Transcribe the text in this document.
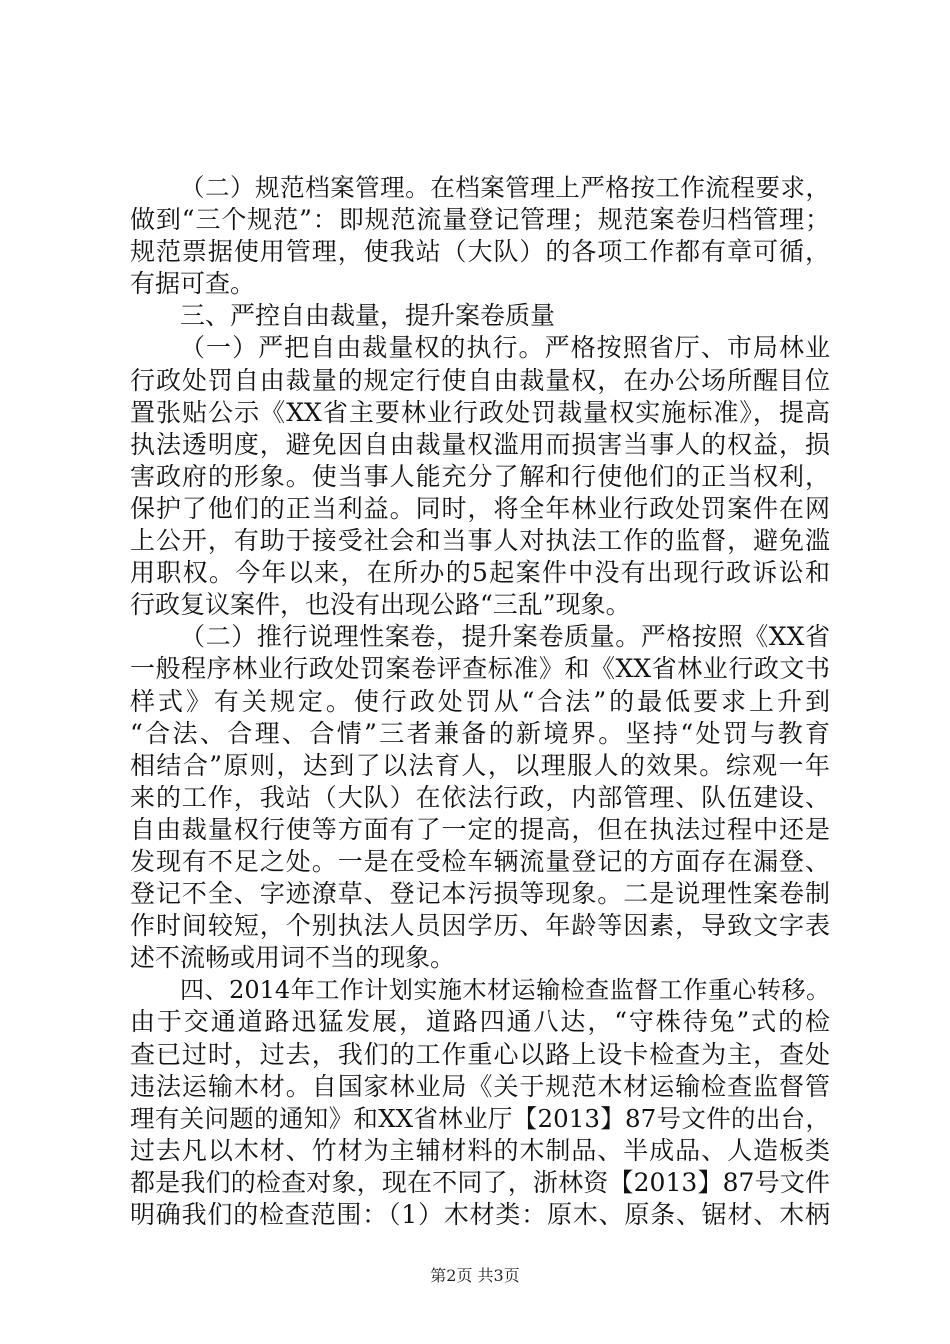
（二）规范档案管理。在档案管理上严格按工作流程要求，
做到“三个规范”：即规范流量登记管理；规范案卷归档管理；
规范票据使用管理，使我站（大队）的各项工作都有章可循，
有据可查。
三、严控自由裁量，提升案卷质量
（一）严把自由裁量权的执行。严格按照省厅、市局林业
行政处罚自由裁量的规定行使自由裁量权，在办公场所醒目位
置张贴公示《XX省主要林业行政处罚裁量权实施标准》，提高
执法透明度，避免因自由裁量权滥用而损害当事人的权益，损
害政府的形象。使当事人能充分了解和行使他们的正当权利，
保护了他们的正当利益。同时，将全年林业行政处罚案件在网
上公开，有助于接受社会和当事人对执法工作的监督，避免滥
用职权。今年以来，在所办的5起案件中没有出现行政诉讼和
行政复议案件，也没有出现公路“三乱”现象。
（二）推行说理性案卷，提升案卷质量。严格按照《XX省
一般程序林业行政处罚案卷评查标准》和《XX省林业行政文书
样式》有关规定。使行政处罚从“合法”的最低要求上升到
“合法、合理、合情”三者兼备的新境界。坚持“处罚与教育
相结合”原则，达到了以法育人，以理服人的效果。综观一年
来的工作，我站（大队）在依法行政，内部管理、队伍建设、
自由裁量权行使等方面有了一定的提高，但在执法过程中还是
发现有不足之处。一是在受检车辆流量登记的方面存在漏登、
登记不全、字迹潦草、登记本污损等现象。二是说理性案卷制
作时间较短，个别执法人员因学历、年龄等因素，导致文字表
述不流畅或用词不当的现象。
四、2014年工作计划实施木材运输检查监督工作重心转移。
由于交通道路迅猛发展，道路四通八达，“守株待兔”式的检
查已过时，过去，我们的工作重心以路上设卡检查为主，查处
违法运输木材。自国家林业局《关于规范木材运输检查监督管
理有关问题的通知》和XX省林业厅【2013】87号文件的出台，
过去凡以木材、竹材为主辅材料的木制品、半成品、人造板类
都是我们的检查对象，现在不同了，浙林资【2013】87号文件
明确我们的检查范围：（1）木材类：原木、原条、锯材、木柄
第2页 共3页
